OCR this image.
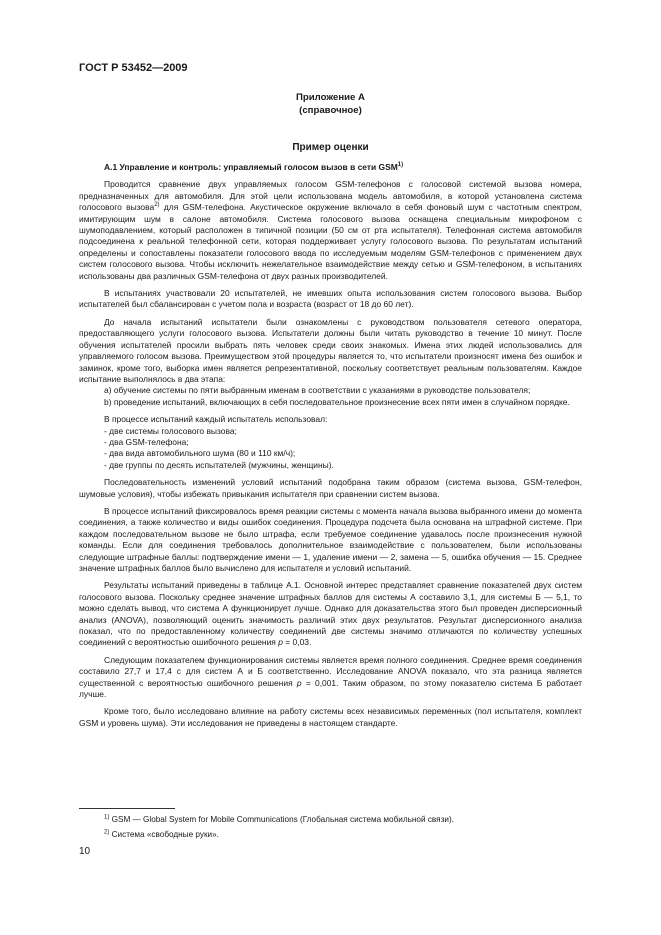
ГОСТ Р 53452—2009
Приложение А
(справочное)
Пример оценки

А.1 Управление и контроль: управляемый голосом вызов в сети GSM$^{1)}$

Проводится сравнение двух управляемых голосом GSM-телефонов с голосовой системой вызова номера, предназначенных для автомобиля. Для этой цели использована модель автомобиля, в которой установлена система голосового вызова$^{2)}$ для GSM-телефона. Акустическое окружение включало в себя фоновый шум с частотным спектром, имитирующим шум в салоне автомобиля. Система голосового вызова оснащена специальным микрофоном с шумоподавлением, который расположен в типичной позиции (50 см от рта испытателя). Телефонная система автомобиля подсоединена к реальной телефонной сети, которая поддерживает услугу голосового вызова. По результатам испытаний определены и сопоставлены показатели голосового ввода по исследуемым моделям GSM-телефонов с применением двух систем голосового вызова. Чтобы исключить нежелательное взаимодействие между сетью и GSM-телефоном, в испытаниях использованы два различных GSM-телефона от двух разных производителей.

В испытаниях участвовали 20 испытателей, не имевших опыта использования систем голосового вызова. Выбор испытателей был сбалансирован с учетом пола и возраста (возраст от 18 до 60 лет).

До начала испытаний испытатели были ознакомлены с руководством пользователя сетевого оператора, предоставляющего услуги голосового вызова. Испытатели должны были читать руководство в течение 10 минут. После обучения испытателей просили выбрать пять человек среди своих знакомых. Имена этих людей использовались для управляемого голосом вызова. Преимуществом этой процедуры является то, что испытатели произносят имена без ошибок и заминок, кроме того, выборка имен является репрезентативной, поскольку соответствует реальным пользователям. Каждое испытание выполнялось в два этапа:

a) обучение системы по пяти выбранным именам в соответствии с указаниями в руководстве пользователя;

b) проведение испытаний, включающих в себя последовательное произнесение всех пяти имен в случайном порядке.

В процессе испытаний каждый испытатель использовал:

- две системы голосового вызова;

- два GSM-телефона;

- два вида автомобильного шума (80 и 110 км/ч);

- две группы по десять испытателей (мужчины, женщины).

Последовательность изменений условий испытаний подобрана таким образом (система вызова, GSM-телефон, шумовые условия), чтобы избежать привыкания испытателя при сравнении систем вызова.

В процессе испытаний фиксировалось время реакции системы с момента начала вызова выбранного имени до момента соединения, а также количество и виды ошибок соединения. Процедура подсчета была основана на штрафной системе. При каждом последовательном вызове не было штрафа, если требуемое соединение удавалось после произнесения нужной команды. Если для соединения требовалось дополнительное взаимодействие с пользователем, были использованы следующие штрафные баллы: подтверждение имени — 1, удаление имени — 2, замена — 5, ошибка обучения — 15. Среднее значение штрафных баллов было вычислено для испытателя и условий испытаний.

Результаты испытаний приведены в таблице А.1. Основной интерес представляет сравнение показателей двух систем голосового вызова. Поскольку среднее значение штрафных баллов для системы А составило 3,1, для системы Б — 5,1, то можно сделать вывод, что система А функционирует лучше. Однако для доказательства этого был проведен дисперсионный анализ (ANOVA), позволяющий оценить значимость различий этих двух результатов. Результат дисперсионного анализа показал, что по предоставленному количеству соединений две системы значимо отличаются по количеству успешных соединений с вероятностью ошибочного решения p = 0,03.

Следующим показателем функционирования системы является время полного соединения. Среднее время соединения составило 27,7 и 17,4 с для систем А и Б соответственно. Исследование ANOVA показало, что эта разница является существенной с вероятностью ошибочного решения p = 0,001. Таким образом, по этому показателю система Б работает лучше.

Кроме того, было исследовано влияние на работу системы всех независимых переменных (пол испытателя, комплект GSM и уровень шума). Эти исследования не приведены в настоящем стандарте.

$^{1)}$ GSM — Global System for Mobile Communications (Глобальная система мобильной связи).

$^{2)}$ Система «свободные руки».

10
